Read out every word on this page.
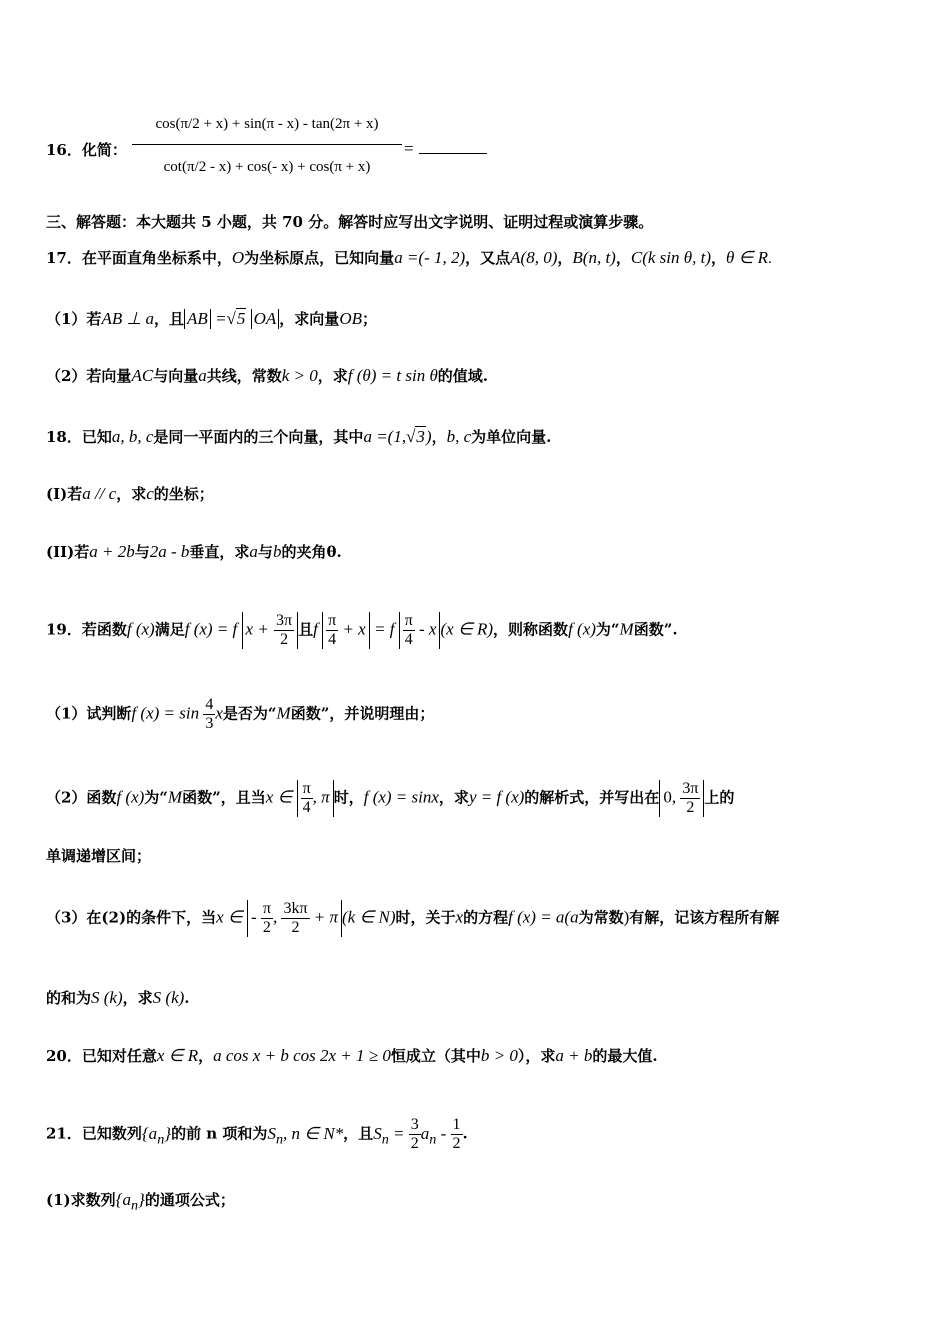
16．化简：
cos(π/2 + x) + sin(π - x) - tan(2π + x)
cot(π/2 - x) + cos(- x) + cos(π + x)
=
三、解答题：本大题共 5 小题，共 70 分。解答时应写出文字说明、证明过程或演算步骤。
17．在平面直角坐标系中，O为坐标原点，已知向量a =(- 1, 2)，又点A(8, 0)，B(n, t)，C(k sin θ, t)，θ ∈ R.
（1）若AB ⊥ a，且 AB =√5 OA ，求向量OB；
（2）若向量AC与向量a共线，常数k > 0，求f (θ) = t sin θ的值域.
18．已知a, b, c是同一平面内的三个向量，其中a =(1,√3)，b, c为单位向量.
(I)若a // c，求c的坐标；
(II)若a + 2b与2a - b垂直，求a与b的夹角θ.
19．若函数f (x)满足f (x) = f $x + \frac{3\pi}{2}$ 且f $\frac{\pi}{4} + x = f \frac{\pi}{4} - x$ (x ∈ R)，则称函数f (x)为“M函数”.
（1）试判断f $(x) = \sin \frac{4}{3}$ x是否为“M函数”，并说明理由；
（2）函数f (x)为“M函数”，且当x ∈ $\frac{\pi}{4}$ , π 时，f (x) = sinx，求y = f (x)的解析式，并写出在 0, $\frac{3\pi}{2}$ 上的
单调递增区间；
（3）在(2)的条件下，当x ∈ - $\frac{\pi}{2}$ , $\frac{3k\pi}{2} + \pi$ (k ∈ N)时，关于x的方程f (x) = a(a为常数)有解，记该方程所有解
的和为S (k)，求S (k).
20．已知对任意x ∈ R，a cos x + b cos 2x + 1 ≥ 0恒成立（其中b > 0），求a + b的最大值.
21．已知数列$\{a_n\}$的前 n 项和为$S_n$, n ∈ N*，且$S_n = \frac{3}{2} a_n - \frac{1}{2}$ .
(1)求数列$\{a_n\}$的通项公式；
